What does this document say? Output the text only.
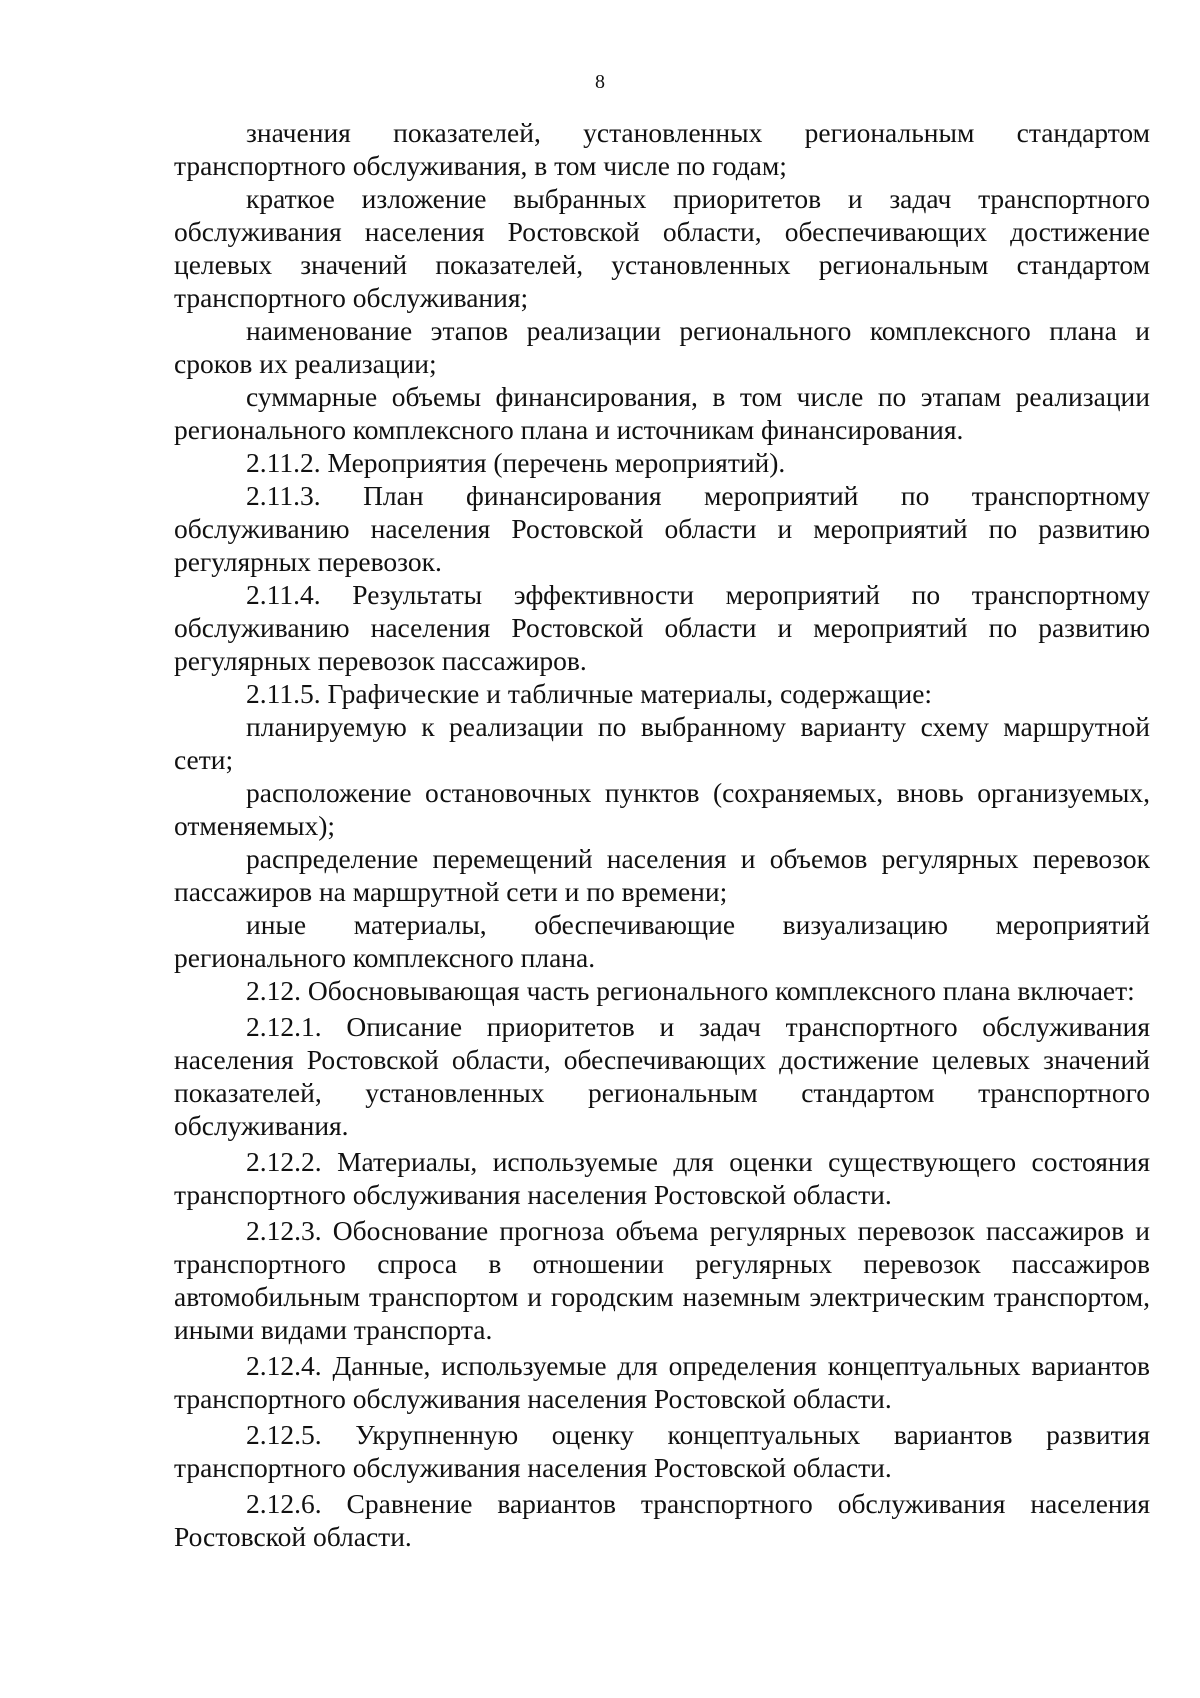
8

значения показателей, установленных региональным стандартом транспортного обслуживания, в том числе по годам;

краткое изложение выбранных приоритетов и задач транспортного обслуживания населения Ростовской области, обеспечивающих достижение целевых значений показателей, установленных региональным стандартом транспортного обслуживания;

наименование этапов реализации регионального комплексного плана и сроков их реализации;

суммарные объемы финансирования, в том числе по этапам реализации регионального комплексного плана и источникам финансирования.

2.11.2. Мероприятия (перечень мероприятий).

2.11.3. План финансирования мероприятий по транспортному обслуживанию населения Ростовской области и мероприятий по развитию регулярных перевозок.

2.11.4. Результаты эффективности мероприятий по транспортному обслуживанию населения Ростовской области и мероприятий по развитию регулярных перевозок пассажиров.

2.11.5. Графические и табличные материалы, содержащие:

планируемую к реализации по выбранному варианту схему маршрутной сети;

расположение остановочных пунктов (сохраняемых, вновь организуемых, отменяемых);

распределение перемещений населения и объемов регулярных перевозок пассажиров на маршрутной сети и по времени;

иные материалы, обеспечивающие визуализацию мероприятий регионального комплексного плана.

2.12. Обосновывающая часть регионального комплексного плана включает:

2.12.1. Описание приоритетов и задач транспортного обслуживания населения Ростовской области, обеспечивающих достижение целевых значений показателей, установленных региональным стандартом транспортного обслуживания.

2.12.2. Материалы, используемые для оценки существующего состояния транспортного обслуживания населения Ростовской области.

2.12.3. Обоснование прогноза объема регулярных перевозок пассажиров и транспортного спроса в отношении регулярных перевозок пассажиров автомобильным транспортом и городским наземным электрическим транспортом, иными видами транспорта.

2.12.4. Данные, используемые для определения концептуальных вариантов транспортного обслуживания населения Ростовской области.

2.12.5. Укрупненную оценку концептуальных вариантов развития транспортного обслуживания населения Ростовской области.

2.12.6. Сравнение вариантов транспортного обслуживания населения Ростовской области.
